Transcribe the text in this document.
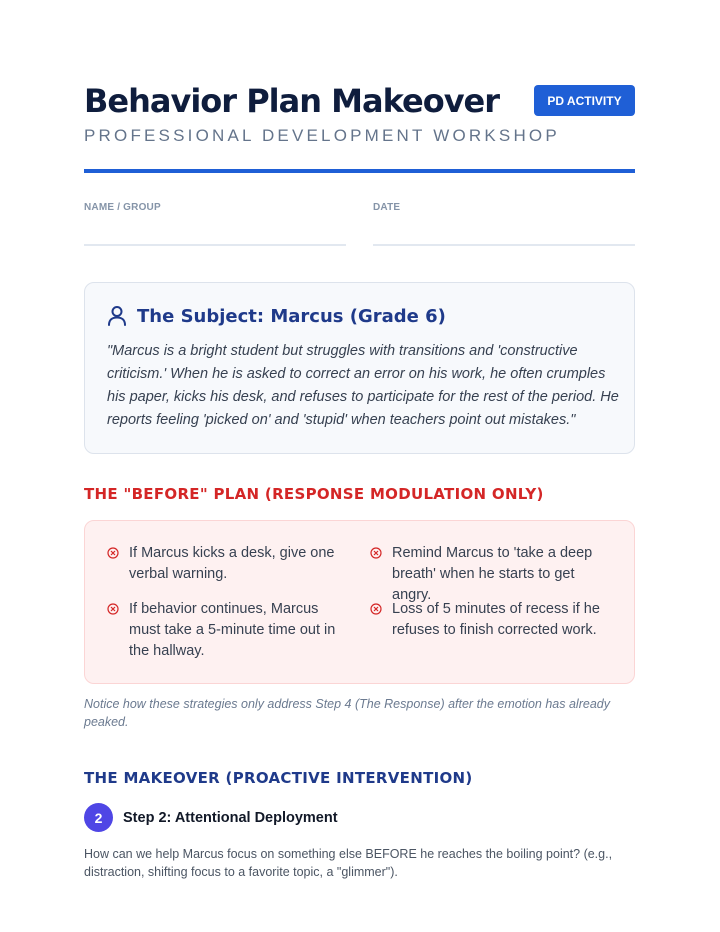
Behavior Plan Makeover
PROFESSIONAL DEVELOPMENT WORKSHOP
PD ACTIVITY
NAME / GROUP	DATE
The Subject: Marcus (Grade 6)

"Marcus is a bright student but struggles with transitions and 'constructive criticism.' When he is asked to correct an error on his work, he often crumples his paper, kicks his desk, and refuses to participate for the rest of the period. He reports feeling 'picked on' and 'stupid' when teachers point out mistakes."

THE "BEFORE" PLAN (RESPONSE MODULATION ONLY)
If Marcus kicks a desk, give one verbal warning.
Remind Marcus to 'take a deep breath' when he starts to get angry.
If behavior continues, Marcus must take a 5-minute time out in the hallway.
Loss of 5 minutes of recess if he refuses to finish corrected work.

Notice how these strategies only address Step 4 (The Response) after the emotion has already peaked.

THE MAKEOVER (PROACTIVE INTERVENTION)
2	Step 2: Attentional Deployment

How can we help Marcus focus on something else BEFORE he reaches the boiling point? (e.g., distraction, shifting focus to a favorite topic, a "glimmer").
